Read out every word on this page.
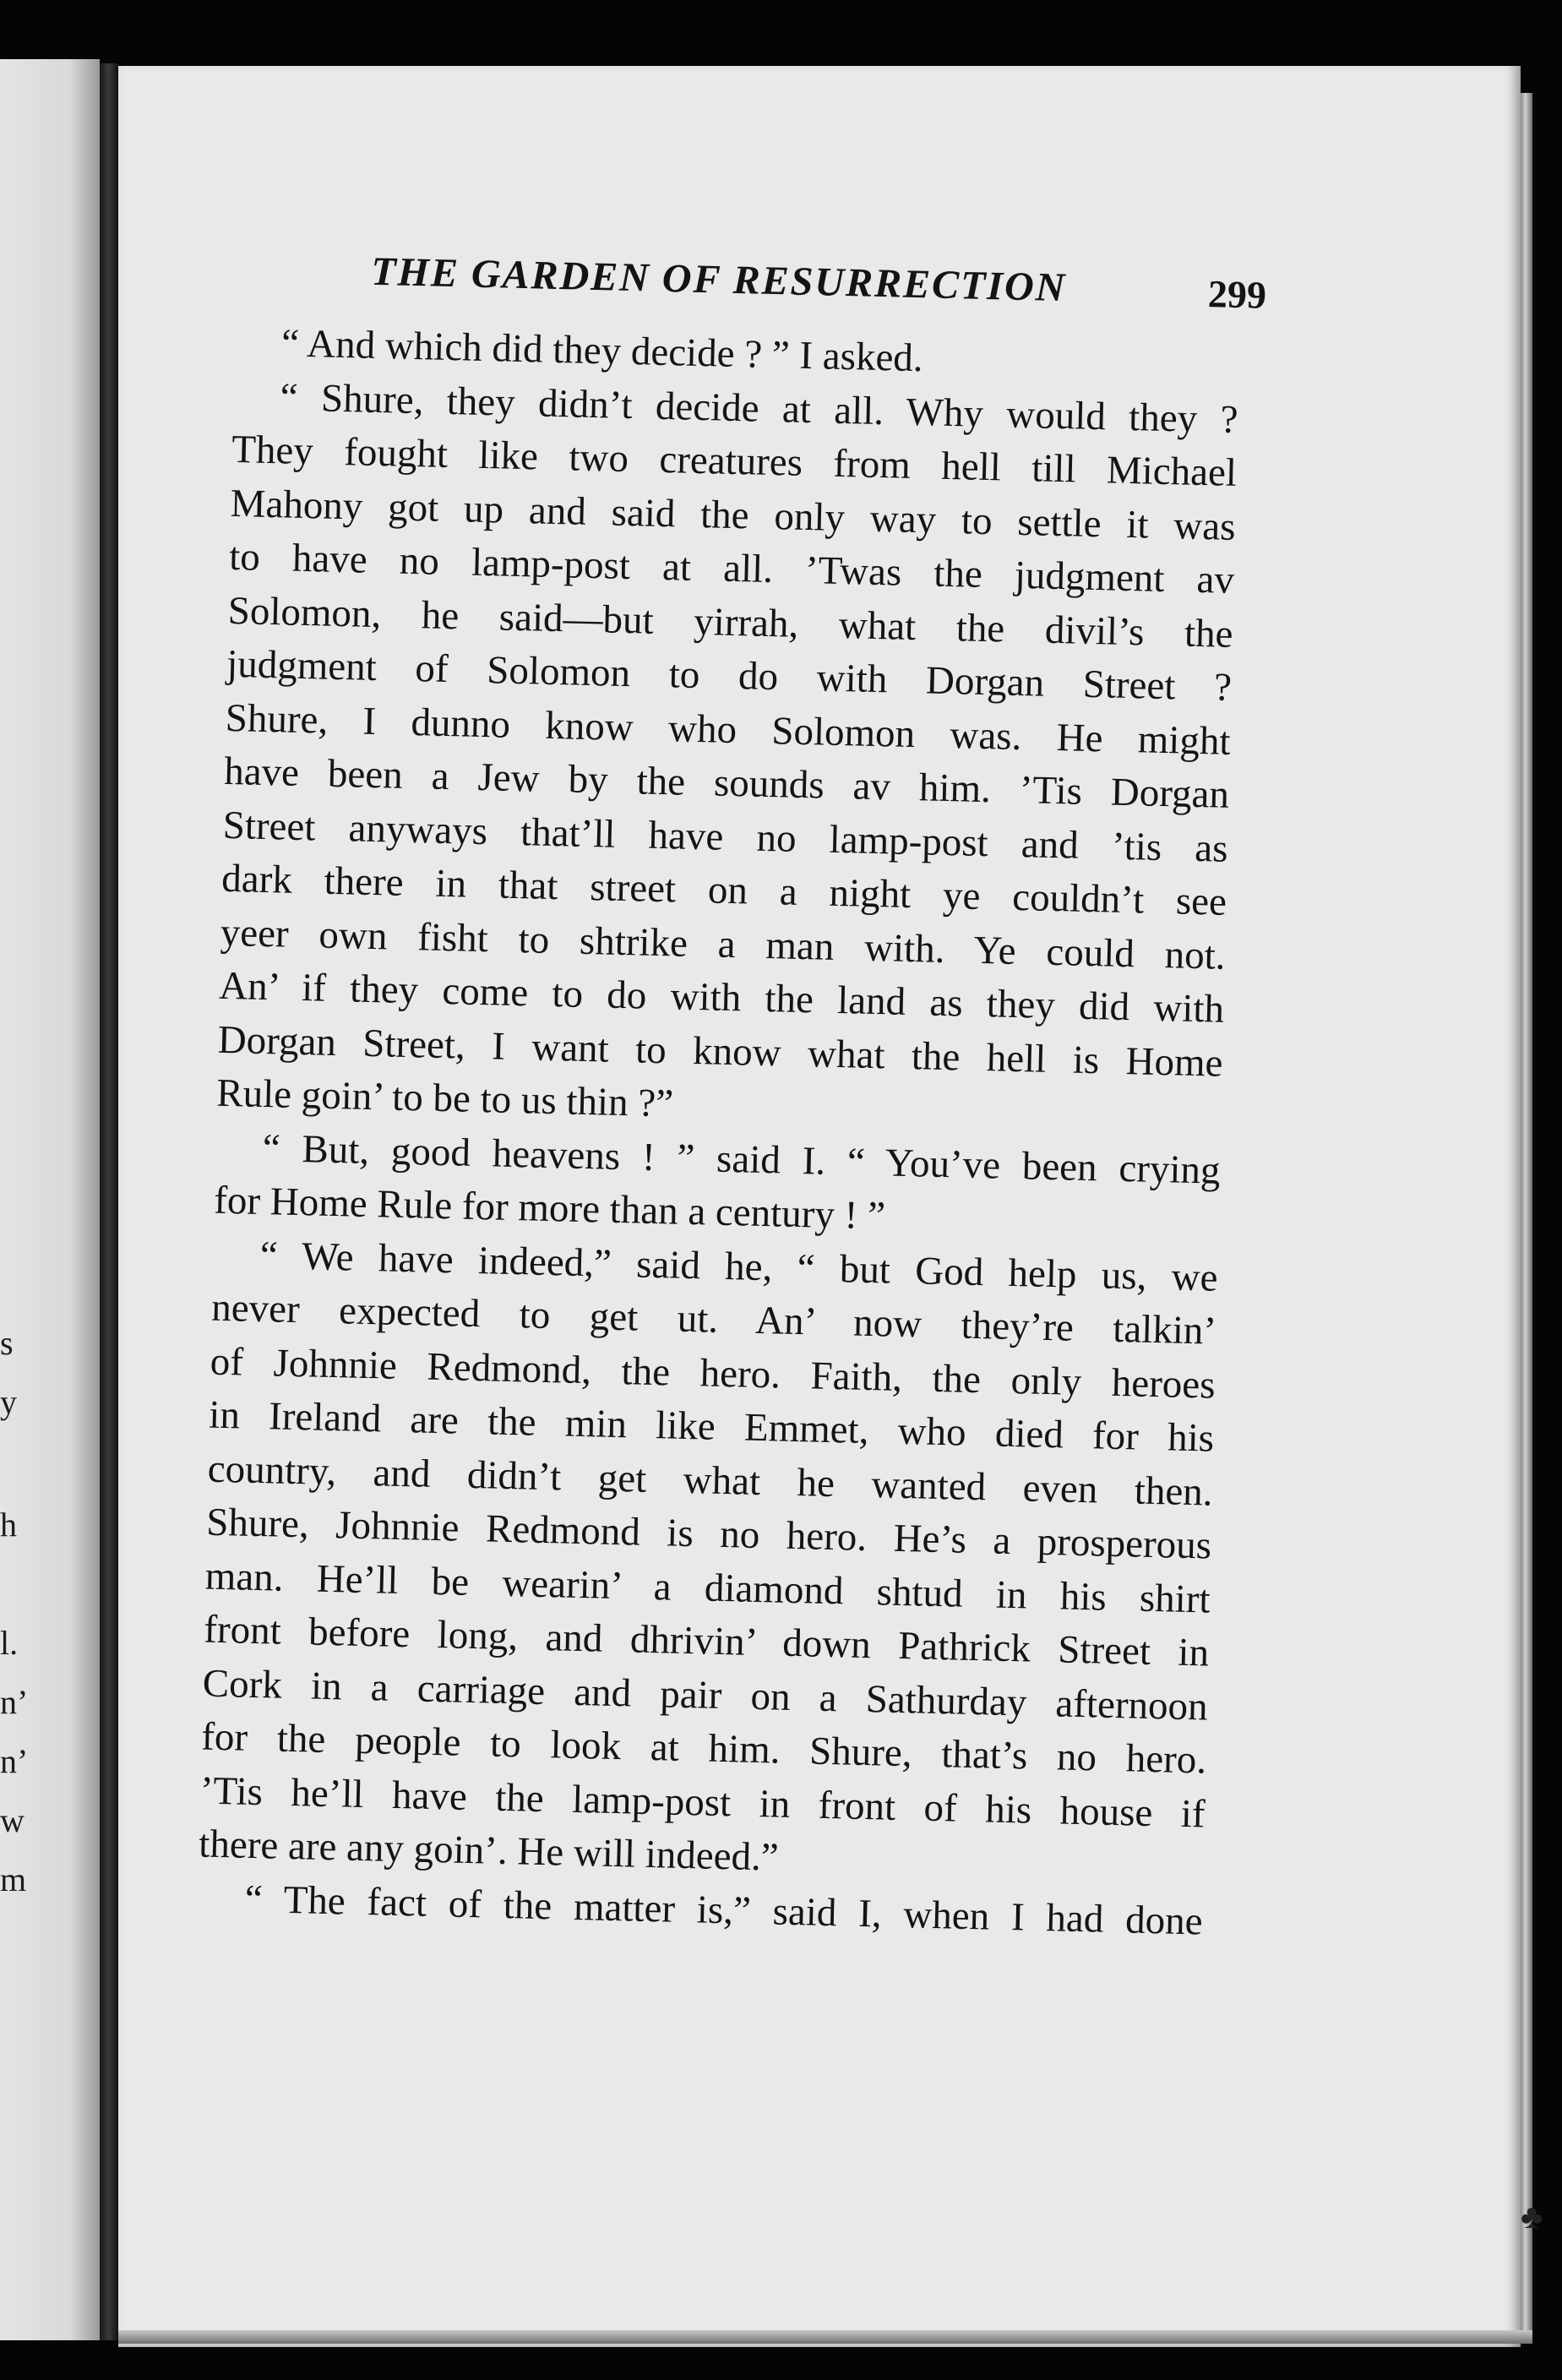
s
y
h
l.
n’
n’
w
m
♣
THE GARDEN OF RESURRECTION	299
“ And which did they decide ? ” I asked.
“ Shure, they didn’t decide at all. Why would they ?
They fought like two creatures from hell till Michael
Mahony got up and said the only way to settle it was
to have no lamp-post at all. ’Twas the judgment av
Solomon, he said—but yirrah, what the divil’s the
judgment of Solomon to do with Dorgan Street ?
Shure, I dunno know who Solomon was. He might
have been a Jew by the sounds av him. ’Tis Dorgan
Street anyways that’ll have no lamp-post and ’tis as
dark there in that street on a night ye couldn’t see
yeer own fisht to shtrike a man with. Ye could not.
An’ if they come to do with the land as they did with
Dorgan Street, I want to know what the hell is Home
Rule goin’ to be to us thin ?”
“ But, good heavens ! ” said I. “ You’ve been crying
for Home Rule for more than a century ! ”
“ We have indeed,” said he, “ but God help us, we
never expected to get ut. An’ now they’re talkin’
of Johnnie Redmond, the hero. Faith, the only heroes
in Ireland are the min like Emmet, who died for his
country, and didn’t get what he wanted even then.
Shure, Johnnie Redmond is no hero. He’s a prosperous
man. He’ll be wearin’ a diamond shtud in his shirt
front before long, and dhrivin’ down Pathrick Street in
Cork in a carriage and pair on a Sathurday afternoon
for the people to look at him. Shure, that’s no hero.
’Tis he’ll have the lamp-post in front of his house if
there are any goin’. He will indeed.”
“ The fact of the matter is,” said I, when I had done
